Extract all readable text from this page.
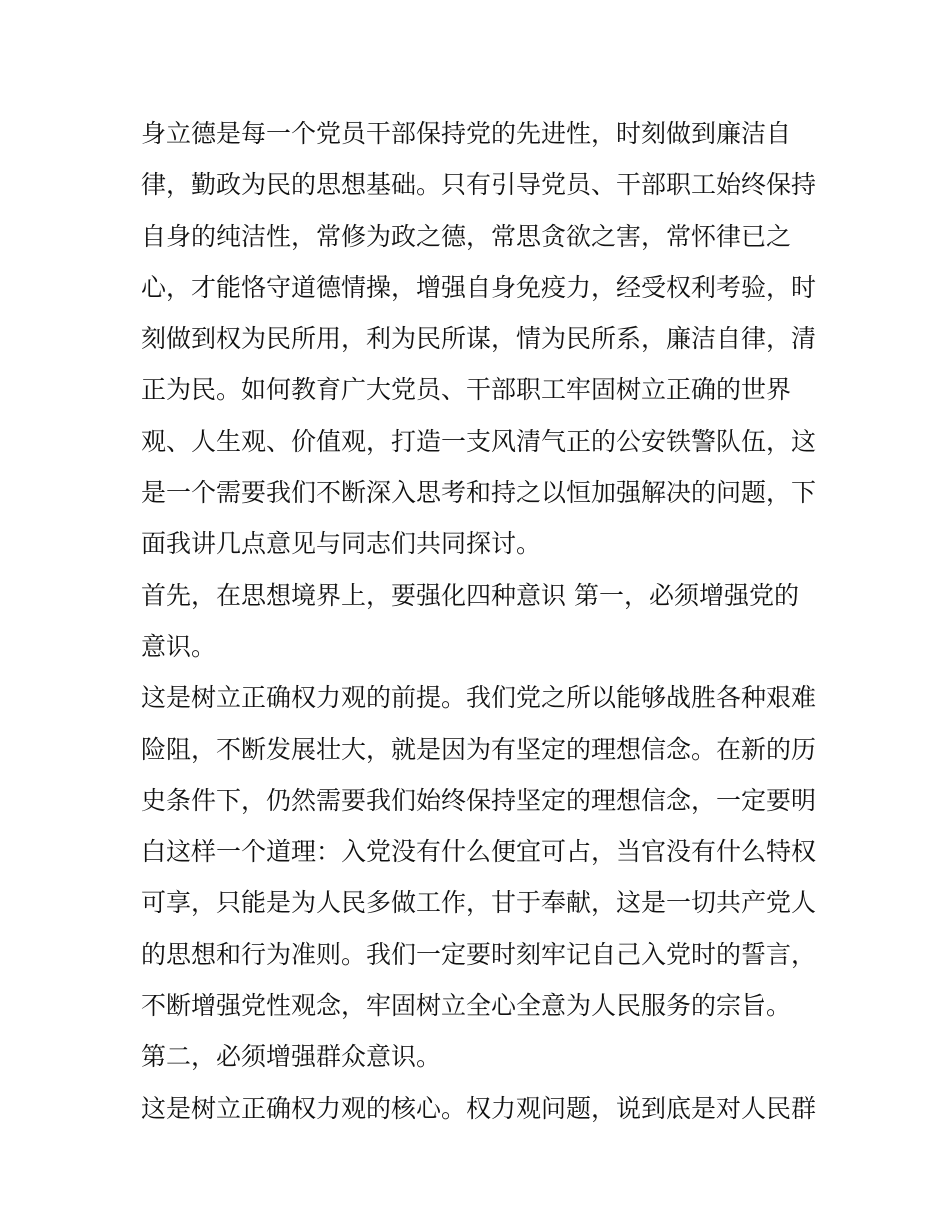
身立德是每一个党员干部保持党的先进性，时刻做到廉洁自
律，勤政为民的思想基础。只有引导党员、干部职工始终保持
自身的纯洁性，常修为政之德，常思贪欲之害，常怀律已之
心，才能恪守道德情操，增强自身免疫力，经受权利考验，时
刻做到权为民所用，利为民所谋，情为民所系，廉洁自律，清
正为民。如何教育广大党员、干部职工牢固树立正确的世界
观、人生观、价值观，打造一支风清气正的公安铁警队伍，这
是一个需要我们不断深入思考和持之以恒加强解决的问题，下
面我讲几点意见与同志们共同探讨。
首先，在思想境界上，要强化四种意识 第一，必须增强党的
意识。
这是树立正确权力观的前提。我们党之所以能够战胜各种艰难
险阻，不断发展壮大，就是因为有坚定的理想信念。在新的历
史条件下，仍然需要我们始终保持坚定的理想信念，一定要明
白这样一个道理：入党没有什么便宜可占，当官没有什么特权
可享，只能是为人民多做工作，甘于奉献，这是一切共产党人
的思想和行为准则。我们一定要时刻牢记自己入党时的誓言，
不断增强党性观念，牢固树立全心全意为人民服务的宗旨。
第二，必须增强群众意识。
这是树立正确权力观的核心。权力观问题，说到底是对人民群
